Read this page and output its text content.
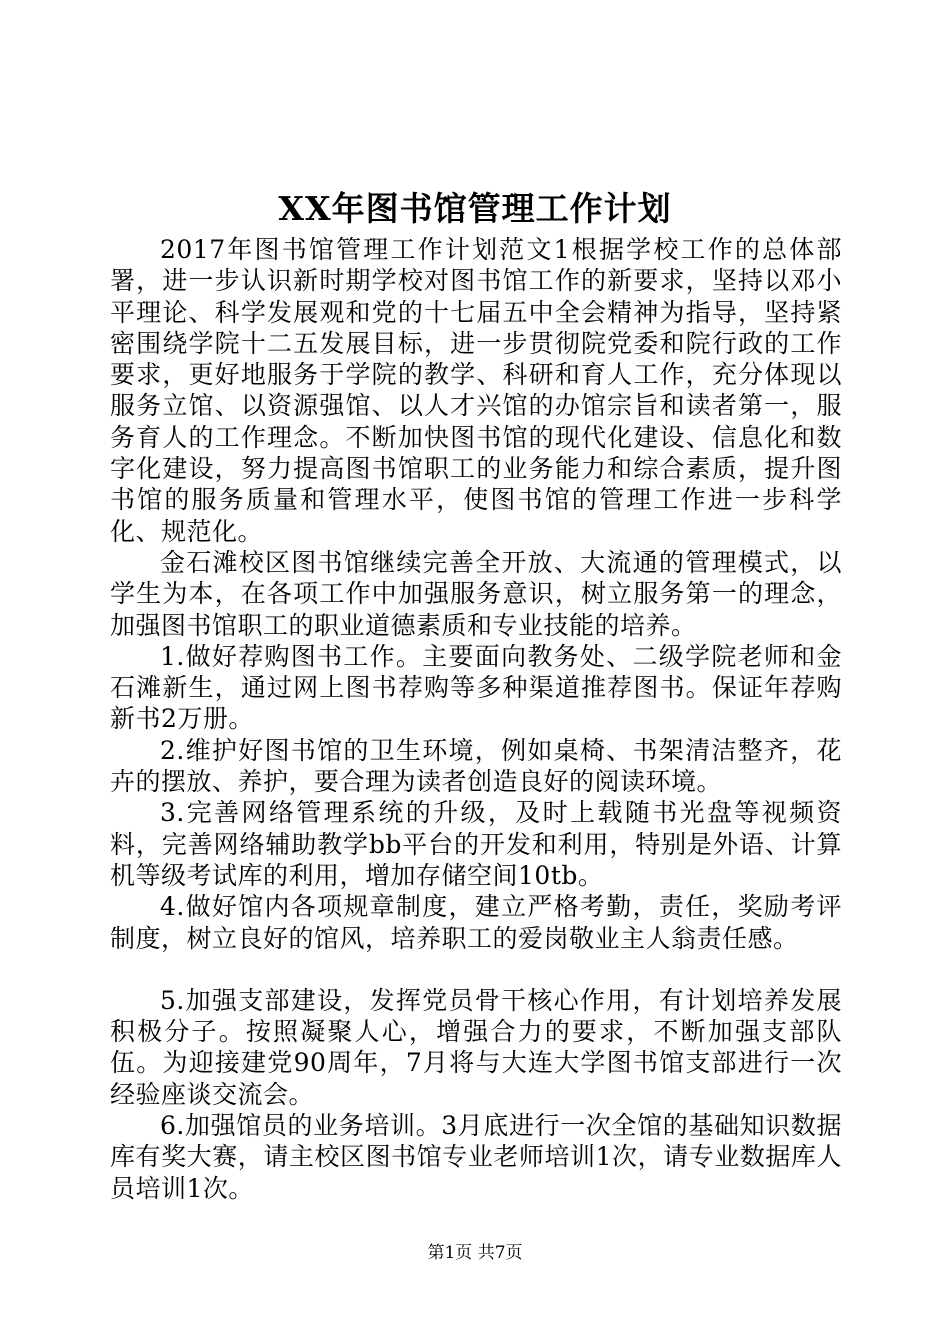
XX年图书馆管理工作计划

2017年图书馆管理工作计划范文1根据学校工作的总体部署，进一步认识新时期学校对图书馆工作的新要求，坚持以邓小平理论、科学发展观和党的十七届五中全会精神为指导，坚持紧密围绕学院十二五发展目标，进一步贯彻院党委和院行政的工作要求，更好地服务于学院的教学、科研和育人工作，充分体现以服务立馆、以资源强馆、以人才兴馆的办馆宗旨和读者第一，服务育人的工作理念。不断加快图书馆的现代化建设、信息化和数字化建设，努力提高图书馆职工的业务能力和综合素质，提升图书馆的服务质量和管理水平，使图书馆的管理工作进一步科学化、规范化。

金石滩校区图书馆继续完善全开放、大流通的管理模式，以学生为本，在各项工作中加强服务意识，树立服务第一的理念，加强图书馆职工的职业道德素质和专业技能的培养。

1.做好荐购图书工作。主要面向教务处、二级学院老师和金石滩新生，通过网上图书荐购等多种渠道推荐图书。保证年荐购新书2万册。

2.维护好图书馆的卫生环境，例如桌椅、书架清洁整齐，花卉的摆放、养护，要合理为读者创造良好的阅读环境。

3.完善网络管理系统的升级，及时上载随书光盘等视频资料，完善网络辅助教学bb平台的开发和利用，特别是外语、计算机等级考试库的利用，增加存储空间10tb。

4.做好馆内各项规章制度，建立严格考勤，责任，奖励考评制度，树立良好的馆风，培养职工的爱岗敬业主人翁责任感。

5.加强支部建设，发挥党员骨干核心作用，有计划培养发展积极分子。按照凝聚人心，增强合力的要求，不断加强支部队伍。为迎接建党90周年，7月将与大连大学图书馆支部进行一次经验座谈交流会。

6.加强馆员的业务培训。3月底进行一次全馆的基础知识数据库有奖大赛，请主校区图书馆专业老师培训1次，请专业数据库人员培训1次。

第1页 共7页
